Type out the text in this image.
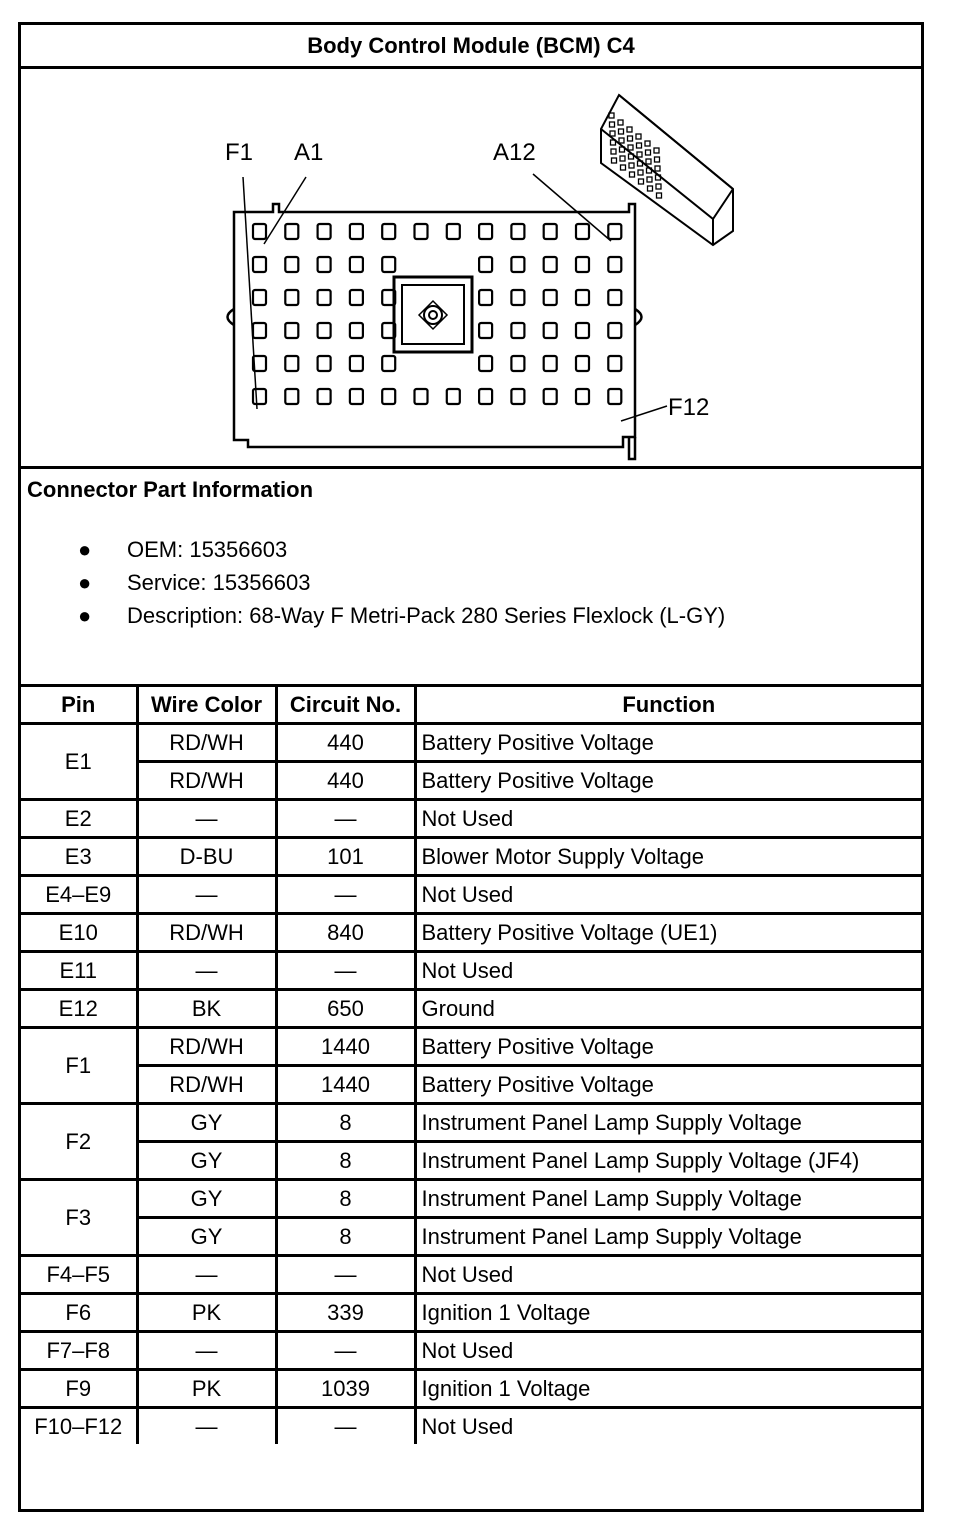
Body Control Module (BCM) C4
F1 A1	A12
F12
Connector Part Information
● OEM: 15356603
● Service: 15356603
● Description: 68-Way F Metri-Pack 280 Series Flexlock (L-GY)
Pin	Wire Color	Circuit No.	Function
E1	RD/WH	440	Battery Positive Voltage
	RD/WH	440	Battery Positive Voltage
E2	—	—	Not Used
E3	D-BU	101	Blower Motor Supply Voltage
E4–E9	—	—	Not Used
E10	RD/WH	840	Battery Positive Voltage (UE1)
E11	—	—	Not Used
E12	BK	650	Ground
F1	RD/WH	1440	Battery Positive Voltage
	RD/WH	1440	Battery Positive Voltage
F2	GY	8	Instrument Panel Lamp Supply Voltage
	GY	8	Instrument Panel Lamp Supply Voltage (JF4)
F3	GY	8	Instrument Panel Lamp Supply Voltage
	GY	8	Instrument Panel Lamp Supply Voltage
F4–F5	—	—	Not Used
F6	PK	339	Ignition 1 Voltage
F7–F8	—	—	Not Used
F9	PK	1039	Ignition 1 Voltage
F10–F12	—	—	Not Used
